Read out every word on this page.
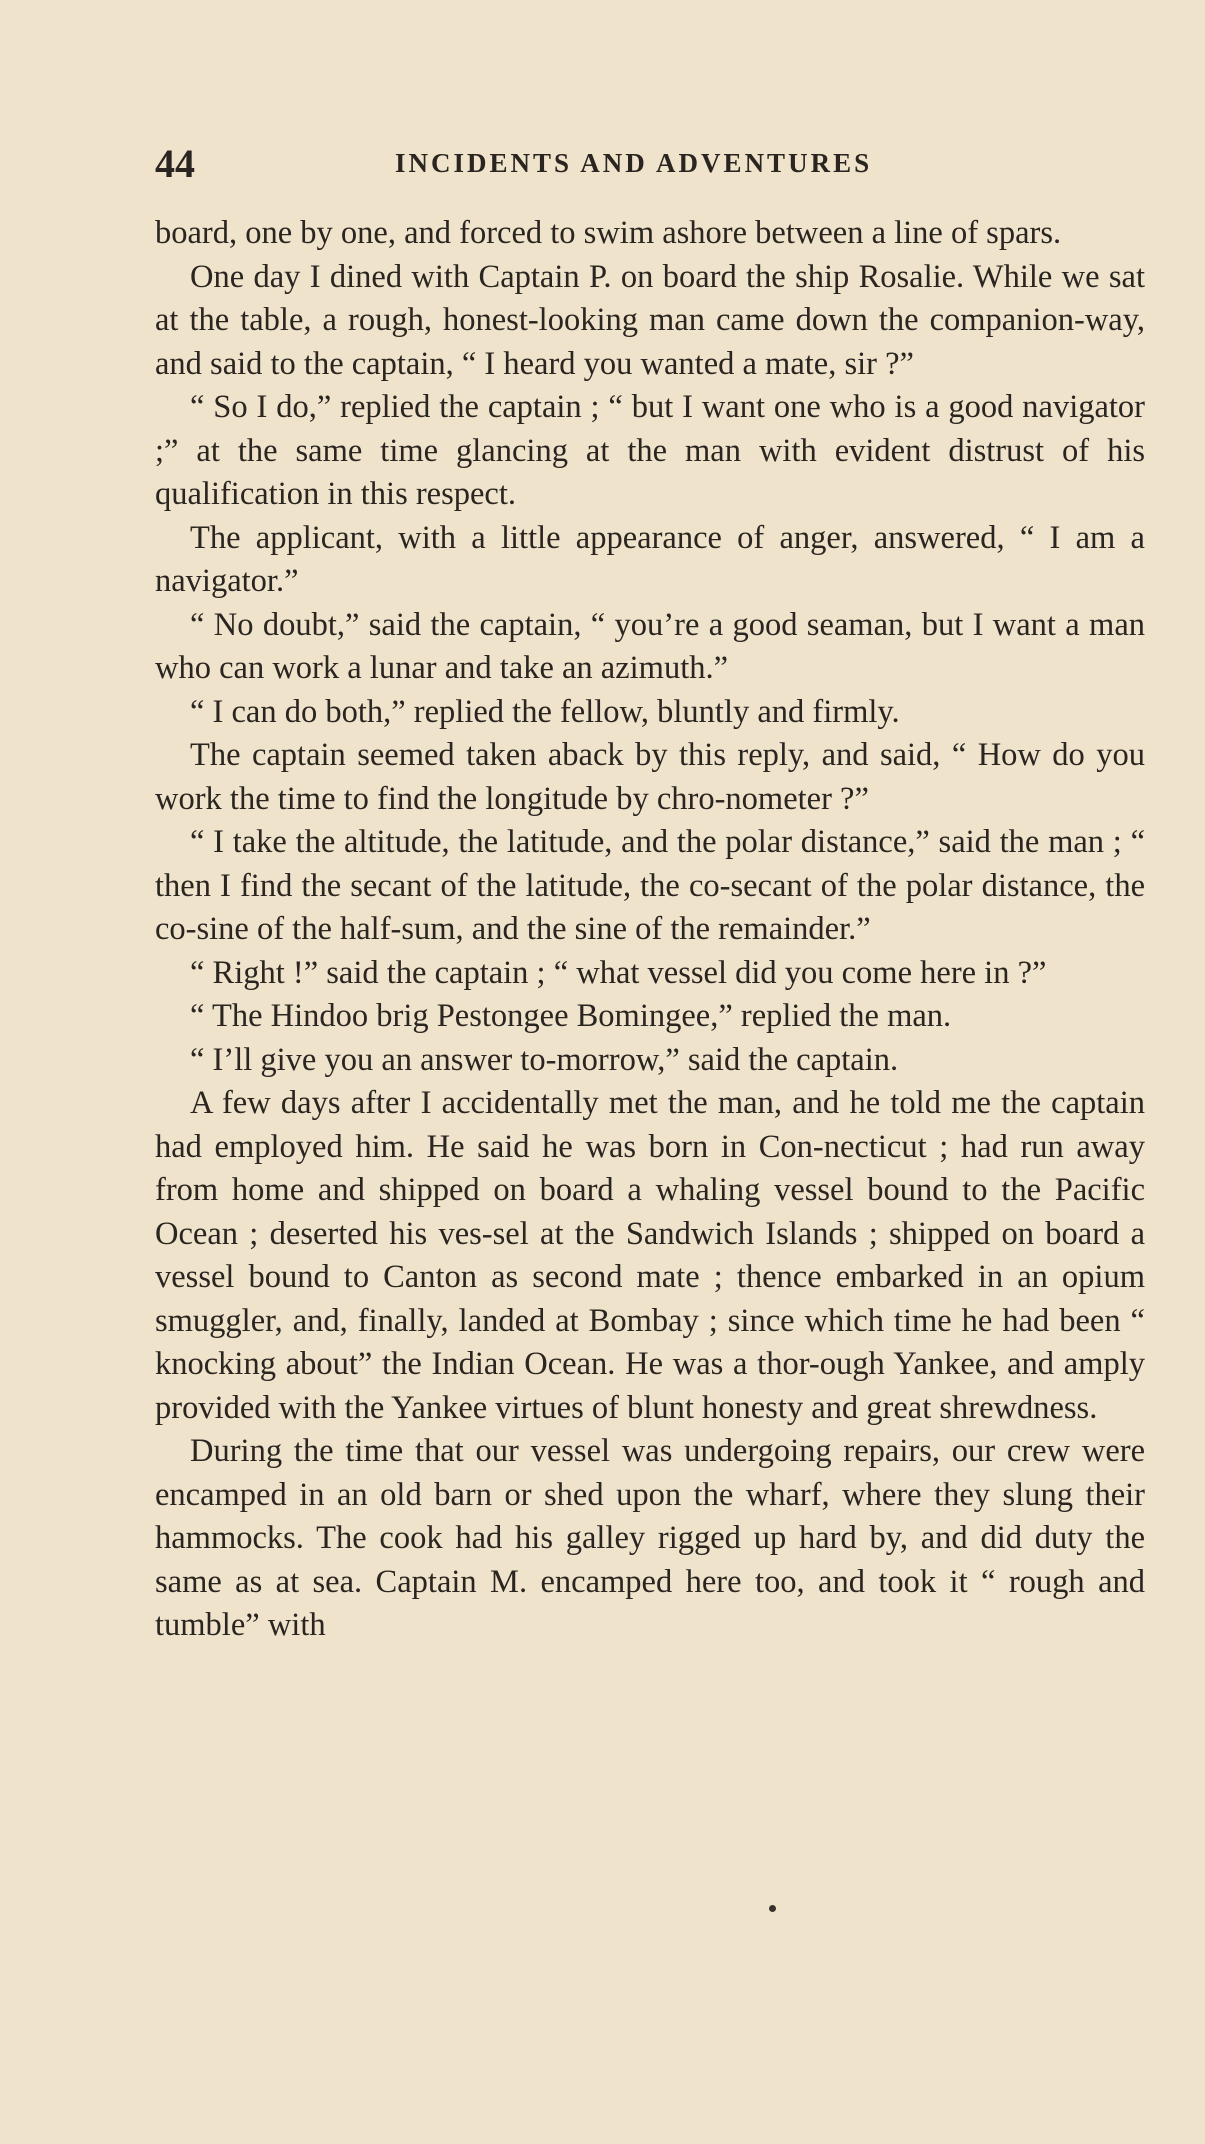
44	INCIDENTS AND ADVENTURES

board, one by one, and forced to swim ashore between a line of spars.

One day I dined with Captain P. on board the ship Rosalie. While we sat at the table, a rough, honest-looking man came down the companion-way, and said to the captain, “ I heard you wanted a mate, sir ?”

“ So I do,” replied the captain ; “ but I want one who is a good navigator ;” at the same time glancing at the man with evident distrust of his qualification in this respect.

The applicant, with a little appearance of anger, answered, “ I am a navigator.”

“ No doubt,” said the captain, “ you’re a good seaman, but I want a man who can work a lunar and take an azimuth.”

“ I can do both,” replied the fellow, bluntly and firmly.

The captain seemed taken aback by this reply, and said, “ How do you work the time to find the longitude by chro-nometer ?”

“ I take the altitude, the latitude, and the polar distance,” said the man ; “ then I find the secant of the latitude, the co-secant of the polar distance, the co-sine of the half-sum, and the sine of the remainder.”

“ Right !” said the captain ; “ what vessel did you come here in ?”

“ The Hindoo brig Pestongee Bomingee,” replied the man.

“ I’ll give you an answer to-morrow,” said the captain.

A few days after I accidentally met the man, and he told me the captain had employed him. He said he was born in Con-necticut ; had run away from home and shipped on board a whaling vessel bound to the Pacific Ocean ; deserted his ves-sel at the Sandwich Islands ; shipped on board a vessel bound to Canton as second mate ; thence embarked in an opium smuggler, and, finally, landed at Bombay ; since which time he had been “ knocking about” the Indian Ocean. He was a thor-ough Yankee, and amply provided with the Yankee virtues of blunt honesty and great shrewdness.

During the time that our vessel was undergoing repairs, our crew were encamped in an old barn or shed upon the wharf, where they slung their hammocks. The cook had his galley rigged up hard by, and did duty the same as at sea. Captain M. encamped here too, and took it “ rough and tumble” with
